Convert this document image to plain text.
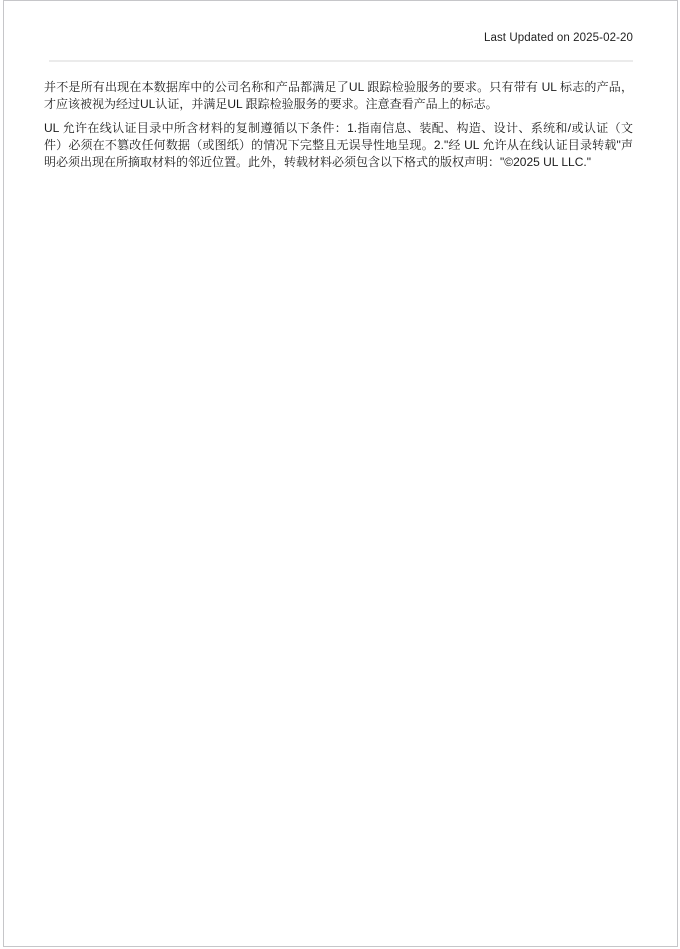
Last Updated on 2025-02-20

并不是所有出现在本数据库中的公司名称和产品都满足了UL 跟踪检验服务的要求。只有带有 UL 标志的产品，才应该被视为经过UL认证，并满足UL 跟踪检验服务的要求。注意查看产品上的标志。

UL 允许在线认证目录中所含材料的复制遵循以下条件：1.指南信息、装配、构造、设计、系统和/或认证（文件）必须在不篡改任何数据（或图纸）的情况下完整且无误导性地呈现。2."经 UL 允许从在线认证目录转载"声明必须出现在所摘取材料的邻近位置。此外，转载材料必须包含以下格式的版权声明："©2025 UL LLC."
